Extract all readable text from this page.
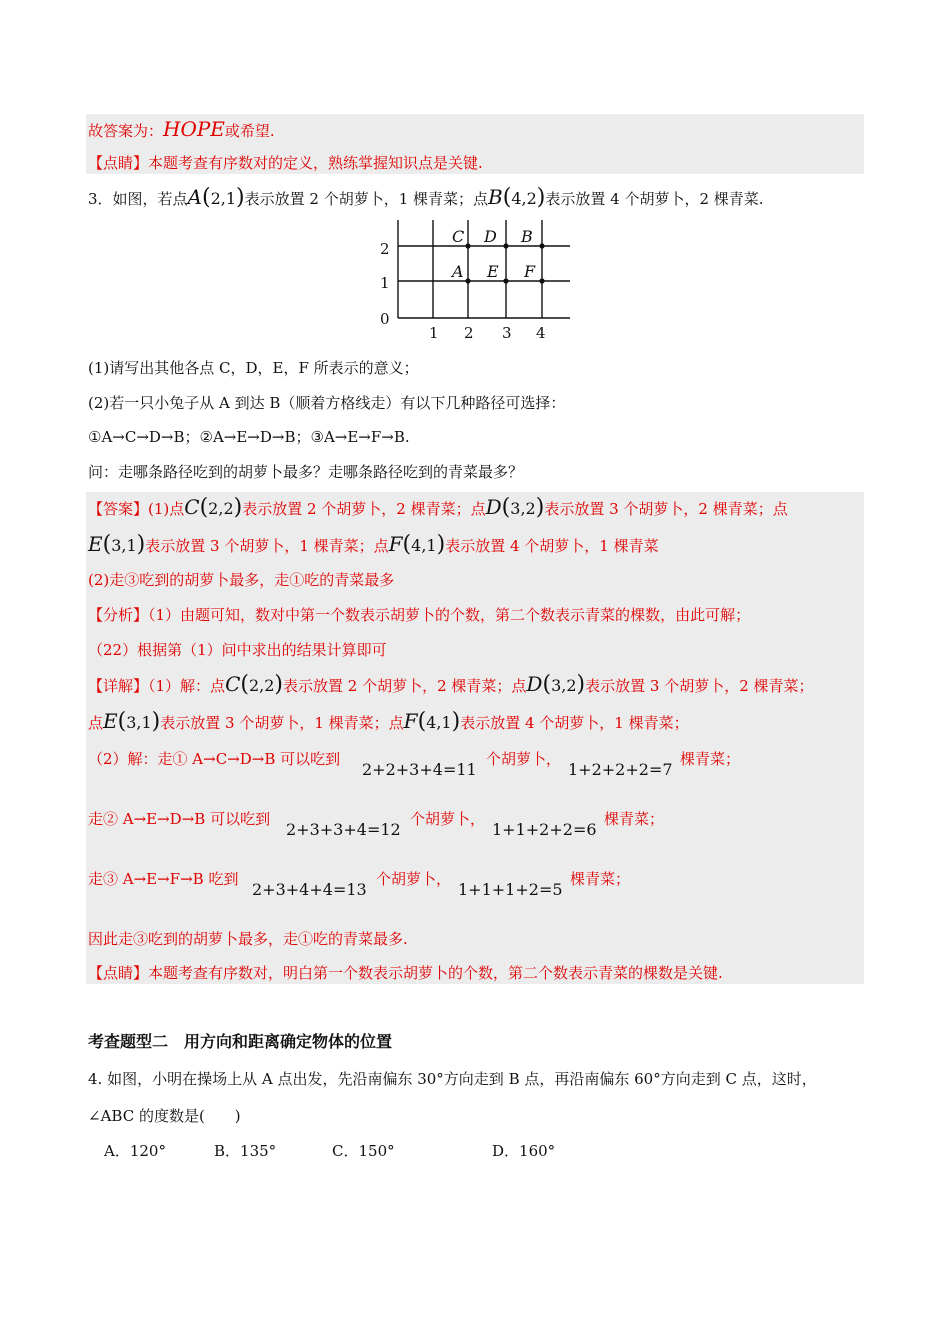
故答案为：HOPE或希望.
【点睛】本题考查有序数对的定义，熟练掌握知识点是关键.
3．如图，若点A(2,1)表示放置 2 个胡萝卜，1 棵青菜；点B(4,2)表示放置 4 个胡萝卜，2 棵青菜.
C D B
A E F
2
1
0
1 2 3 4
(1)请写出其他各点 C，D，E，F 所表示的意义；
(2)若一只小兔子从 A 到达 B（顺着方格线走）有以下几种路径可选择：
①A→C→D→B；②A→E→D→B；③A→E→F→B.
问：走哪条路径吃到的胡萝卜最多？走哪条路径吃到的青菜最多？
【答案】(1)点C(2,2)表示放置 2 个胡萝卜，2 棵青菜；点D(3,2)表示放置 3 个胡萝卜，2 棵青菜；点
E(3,1)表示放置 3 个胡萝卜，1 棵青菜；点F(4,1)表示放置 4 个胡萝卜，1 棵青菜
(2)走③吃到的胡萝卜最多，走①吃的青菜最多
【分析】（1）由题可知，数对中第一个数表示胡萝卜的个数，第二个数表示青菜的棵数，由此可解；
（22）根据第（1）问中求出的结果计算即可
【详解】（1）解：点C(2,2)表示放置 2 个胡萝卜，2 棵青菜；点D(3,2)表示放置 3 个胡萝卜，2 棵青菜；
点E(3,1)表示放置 3 个胡萝卜，1 棵青菜；点F(4,1)表示放置 4 个胡萝卜，1 棵青菜；
（2）解：走① A→C→D→B 可以吃到
2+2+3+4=11
个胡萝卜，
1+2+2+2=7
棵青菜；
走② A→E→D→B 可以吃到
2+3+3+4=12
个胡萝卜，
1+1+2+2=6
棵青菜；
走③ A→E→F→B 吃到
2+3+4+4=13
个胡萝卜，
1+1+1+2=5
棵青菜；
因此走③吃到的胡萝卜最多，走①吃的青菜最多.
【点睛】本题考查有序数对，明白第一个数表示胡萝卜的个数，第二个数表示青菜的棵数是关键.
考查题型二　用方向和距离确定物体的位置
4. 如图，小明在操场上从 A 点出发，先沿南偏东 30°方向走到 B 点，再沿南偏东 60°方向走到 C 点，这时，
∠ABC 的度数是(　　)
A．120°	B．135°	C．150°	D．160°
